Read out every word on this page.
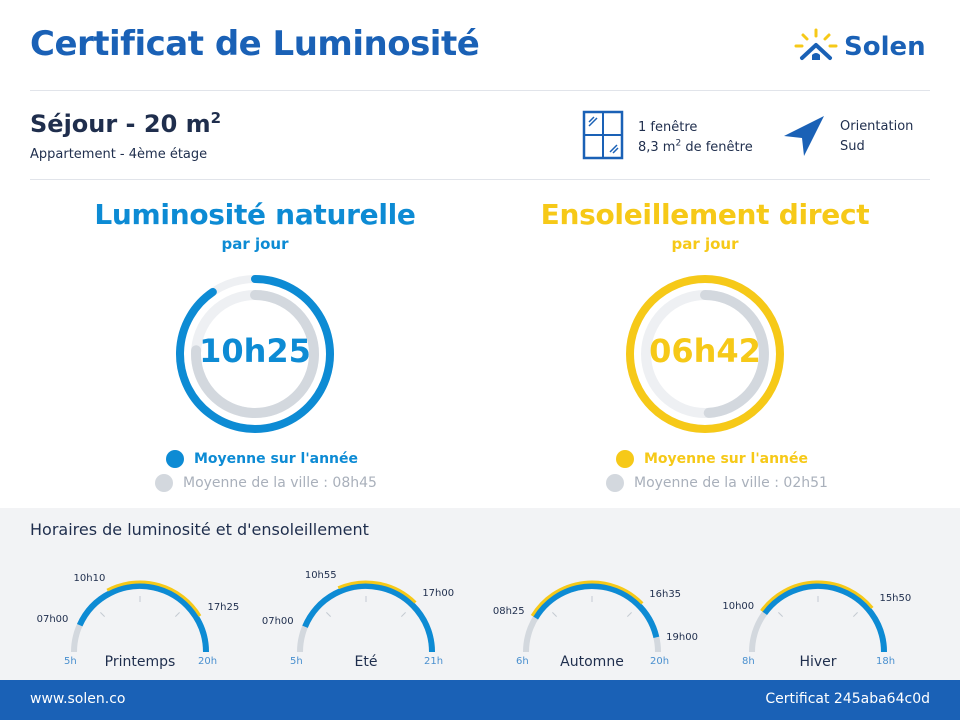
Certificat de Luminosité	Solen
Séjour - 20 $m^2$
Appartement - 4ème étage
1 fenêtre
8,3 $m^2$ de fenêtre
Orientation
Sud
Luminosité naturelle
par jour
10h25
Moyenne sur l'année
Moyenne de la ville : 08h45
Ensoleillement direct
par jour
06h42
Moyenne sur l'année
Moyenne de la ville : 02h51
Horaires de luminosité et d'ensoleillement
07h00
10h10
17h25
5h	20h
Printemps
07h00
10h55
17h00
5h	21h
Eté
08h25
19h00
16h35
6h	20h
Automne
10h00
15h50
8h	18h
Hiver
www.solen.co	Certificat 245aba64c0d
